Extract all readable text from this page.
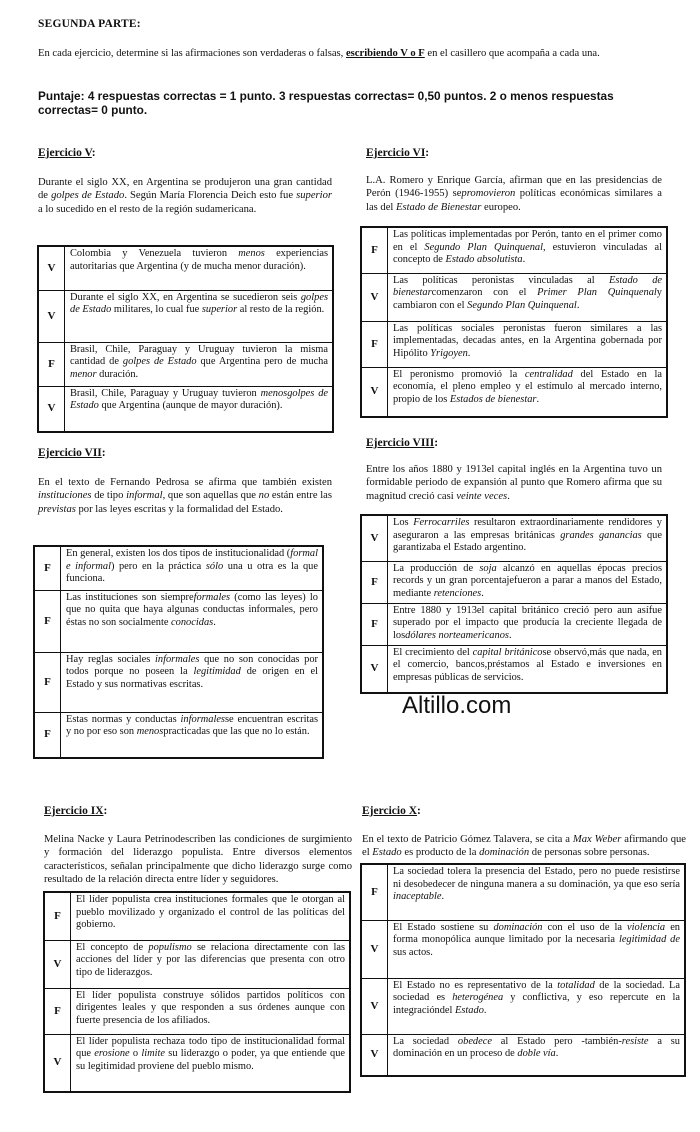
SEGUNDA PARTE:
En cada ejercicio, determine si las afirmaciones son verdaderas o falsas, escribiendo V o F en el casillero que acompaña a cada una.
Puntaje: 4 respuestas correctas = 1 punto. 3 respuestas correctas= 0,50 puntos. 2 o menos respuestas correctas= 0 punto.
Ejercicio V:
Durante el siglo XX, en Argentina se produjeron una gran cantidad de golpes de Estado. Según María Florencia Deich esto fue superior a lo sucedido en el resto de la región sudamericana.
V	Colombia y Venezuela tuvieron menos experiencias autoritarias que Argentina (y de mucha menor duración).
V	Durante el siglo XX, en Argentina se sucedieron seis golpes de Estado militares, lo cual fue superior al resto de la región.
F	Brasil, Chile, Paraguay y Uruguay tuvieron la misma cantidad de golpes de Estado que Argentina pero de mucha menor duración.
V	Brasil, Chile, Paraguay y Uruguay tuvieron menosgolpes de Estado que Argentina (aunque de mayor duración).
Ejercicio VI:
L.A. Romero y Enrique García, afirman que en las presidencias de Perón (1946-1955) sepromovieron políticas económicas similares a las del Estado de Bienestar europeo.
F	Las políticas implementadas por Perón, tanto en el primer como en el Segundo Plan Quinquenal, estuvieron vinculadas al concepto de Estado absolutista.
V	Las políticas peronistas vinculadas al Estado de bienestarcomenzaron con el Primer Plan Quinquenaly cambiaron con el Segundo Plan Quinquenal.
F	Las políticas sociales peronistas fueron similares a las implementadas, decadas antes, en la Argentina gobernada por Hipólito Yrigoyen.
V	El peronismo promovió la centralidad del Estado en la economía, el pleno empleo y el estímulo al mercado interno, propio de los Estados de bienestar.
Ejercicio VII:
En el texto de Fernando Pedrosa se afirma que también existen instituciones de tipo informal, que son aquellas que no están entre las previstas por las leyes escritas y la formalidad del Estado.
F	En general, existen los dos tipos de institucionalidad (formal e informal) pero en la práctica sólo una u otra es la que funciona.
F	Las instituciones son siempreformales (como las leyes) lo que no quita que haya algunas conductas informales, pero éstas no son socialmente conocidas.
F	Hay reglas sociales informales que no son conocidas por todos porque no poseen la legitimidad de origen en el Estado y sus normativas escritas.
F	Estas normas y conductas informalesse encuentran escritas y no por eso son menospracticadas que las que no lo están.
Ejercicio VIII:
Entre los años 1880 y 1913el capital inglés en la Argentina tuvo un formidable periodo de expansión al punto que Romero afirma que su magnitud creció casi veinte veces.
V	Los Ferrocarriles resultaron extraordinariamente rendidores y aseguraron a las empresas británicas grandes ganancias que garantizaba el Estado argentino.
F	La producción de soja alcanzó en aquellas épocas precios records y un gran porcentajefueron a parar a manos del Estado, mediante retenciones.
F	Entre 1880 y 1913el capital británico creció pero aun asífue superado por el impacto que producía la creciente llegada de losdólares norteamericanos.
V	El crecimiento del capital británicose observó,más que nada, en el comercio, bancos,préstamos al Estado e inversiones en empresas públicas de servicios.
Altillo.com
Ejercicio IX:
Melina Nacke y Laura Petrinodescriben las condiciones de surgimiento y formación del liderazgo populista. Entre diversos elementos característicos, señalan principalmente que dicho liderazgo surge como resultado de la relación directa entre líder y seguidores.
F	El líder populista crea instituciones formales que le otorgan al pueblo movilizado y organizado el control de las políticas del gobierno.
V	El concepto de populismo se relaciona directamente con las acciones del líder y por las diferencias que presenta con otro tipo de liderazgos.
F	El líder populista construye sólidos partidos políticos con dirigentes leales y que responden a sus órdenes aunque con fuerte presencia de los afiliados.
V	El líder populista rechaza todo tipo de institucionalidad formal que erosione o limite su liderazgo o poder, ya que entiende que su legitimidad proviene del pueblo mismo.
Ejercicio X:
En el texto de Patricio Gómez Talavera, se cita a Max Weber afirmando que el Estado es producto de la dominación de personas sobre personas.
F	La sociedad tolera la presencia del Estado, pero no puede resistirse ni desobedecer de ninguna manera a su dominación, ya que eso sería inaceptable.
V	El Estado sostiene su dominación con el uso de la violencia en forma monopólica aunque limitado por la necesaria legitimidad de sus actos.
V	El Estado no es representativo de la totalidad de la sociedad. La sociedad es heterogénea y conflictiva, y eso repercute en la integracióndel Estado.
V	La sociedad obedece al Estado pero -también-resiste a su dominación en un proceso de doble vía.
